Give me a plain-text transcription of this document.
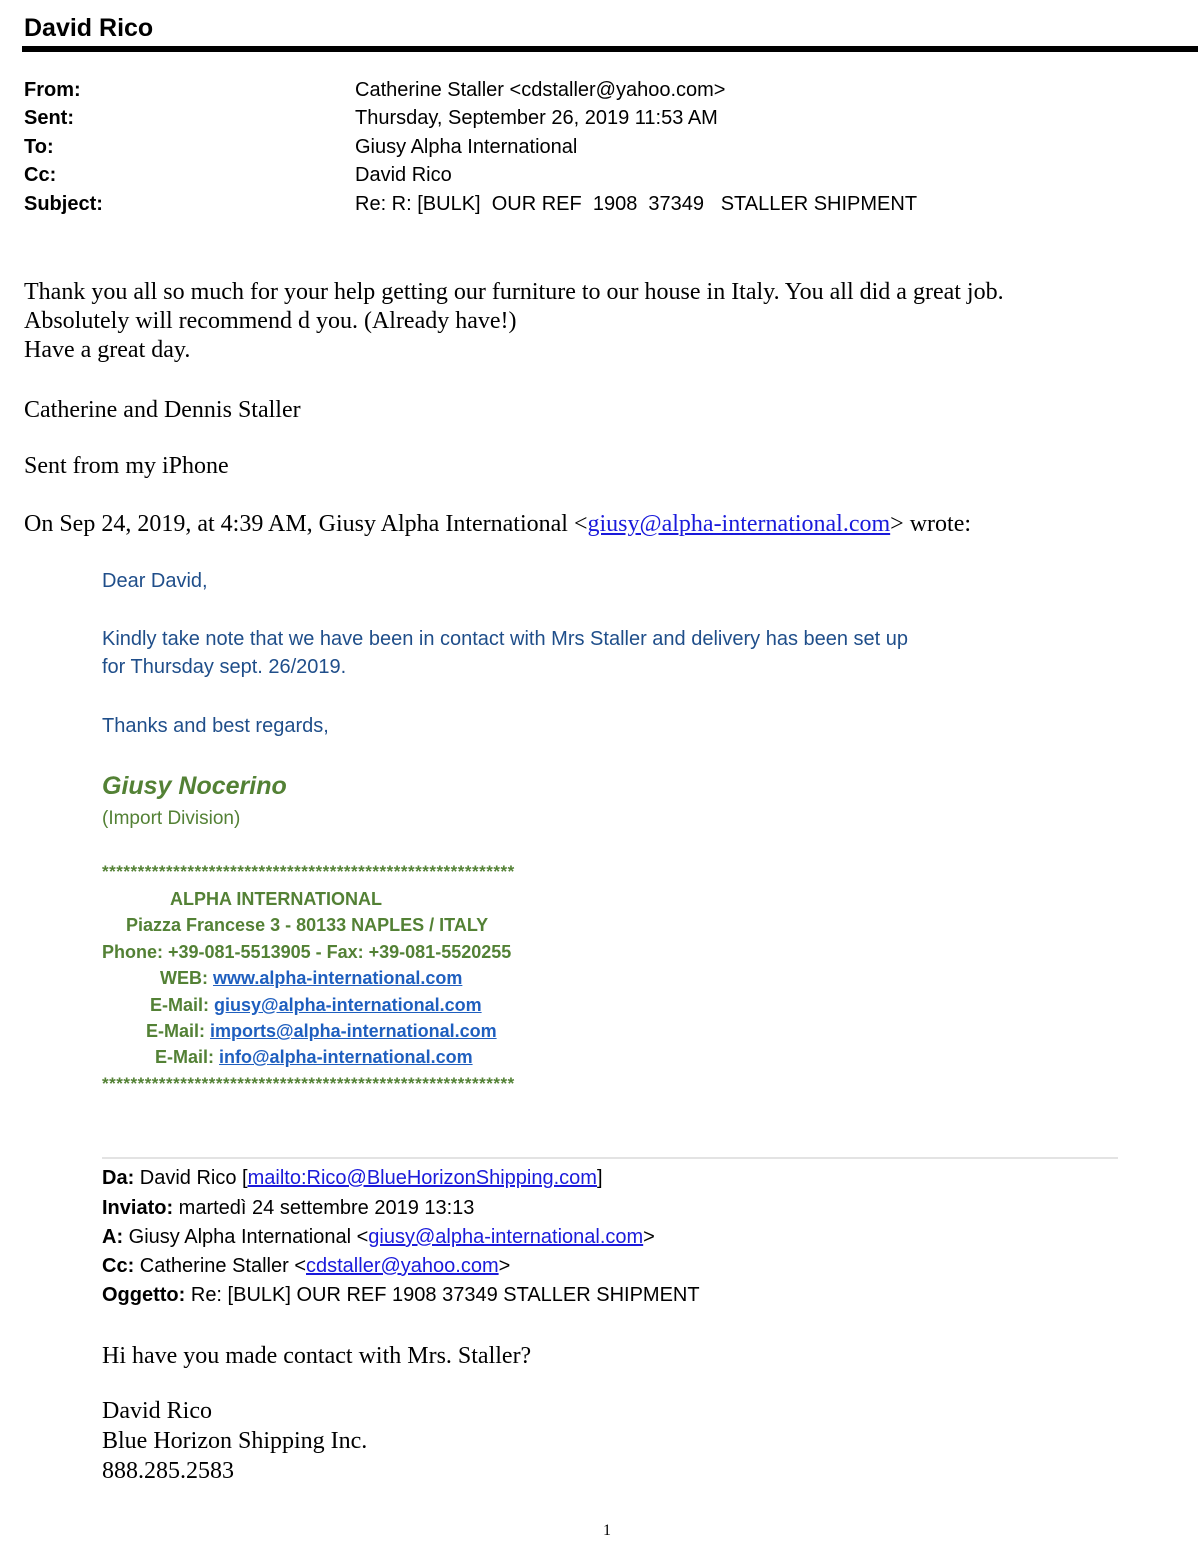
David Rico
From:	Catherine Staller <cdstaller@yahoo.com>
Sent:	Thursday, September 26, 2019 11:53 AM
To:	Giusy Alpha International
Cc:	David Rico
Subject:	Re: R: [BULK]  OUR REF  1908  37349   STALLER SHIPMENT
Thank you all so much for your help getting our furniture to our house in Italy. You all did a great job.
Absolutely will recommend d you. (Already have!)
Have a great day.
Catherine and Dennis Staller
Sent from my iPhone
On Sep 24, 2019, at 4:39 AM, Giusy Alpha International <giusy@alpha-international.com> wrote:
Dear David,
Kindly take note that we have been in contact with Mrs Staller and delivery has been set up
for Thursday sept. 26/2019.
Thanks and best regards,
Giusy Nocerino
(Import Division)
**********************************************************
ALPHA INTERNATIONAL
Piazza Francese 3 - 80133 NAPLES / ITALY
Phone: +39-081-5513905 - Fax: +39-081-5520255
WEB: www.alpha-international.com
E-Mail: giusy@alpha-international.com
E-Mail: imports@alpha-international.com
E-Mail: info@alpha-international.com
**********************************************************
Da: David Rico [mailto:Rico@BlueHorizonShipping.com]
Inviato: martedì 24 settembre 2019 13:13
A: Giusy Alpha International <giusy@alpha-international.com>
Cc: Catherine Staller <cdstaller@yahoo.com>
Oggetto: Re: [BULK] OUR REF 1908 37349 STALLER SHIPMENT
Hi have you made contact with Mrs. Staller?
David Rico
Blue Horizon Shipping Inc.
888.285.2583
1
